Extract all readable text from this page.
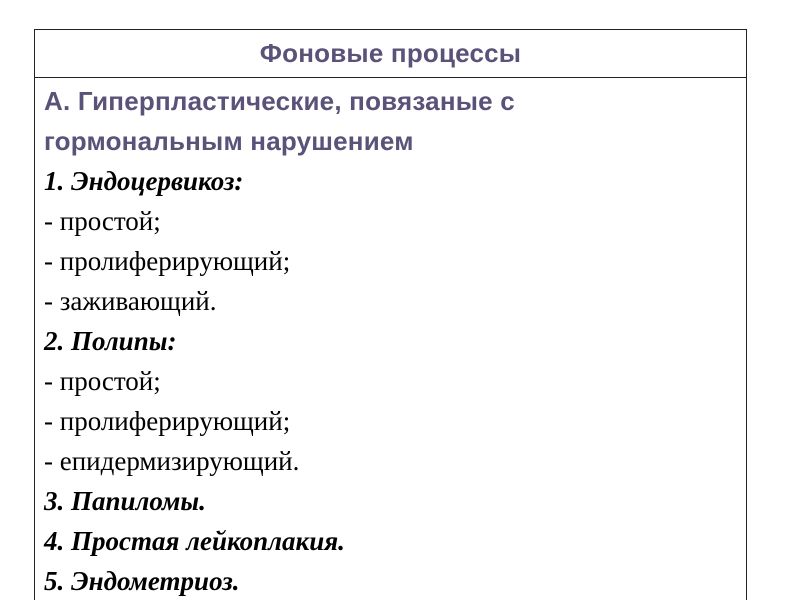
Фоновые процессы
А. Гиперпластические, повязаные с
гормональным нарушением
1. Эндоцервикоз:
- простой;
- пролиферирующий;
- заживающий.
2. Полипы:
- простой;
- пролиферирующий;
- епидермизирующий.
3. Папиломы.
4. Простая лейкоплакия.
5. Эндометриоз.
